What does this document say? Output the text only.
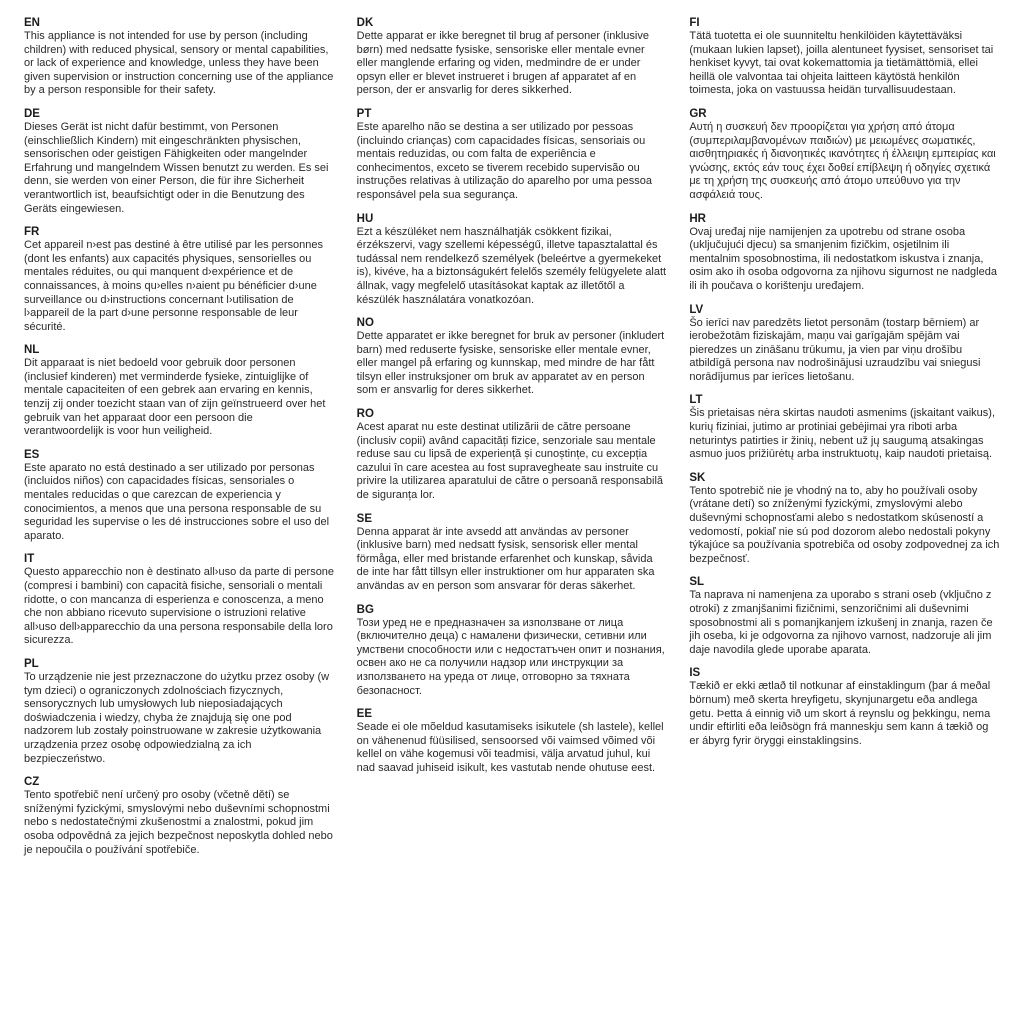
EN
This appliance is not intended for use by person (including children) with reduced physical, sensory or mental capabilities, or lack of experience and knowledge, unless they have been given supervision or instruction concerning use of the appliance by a person responsible for their safety.
DE
Dieses Gerät ist nicht dafür bestimmt, von Personen (einschließlich Kindern) mit eingeschränkten physischen, sensorischen oder geistigen Fähigkeiten oder mangelnder Erfahrung und mangelndem Wissen benutzt zu werden. Es sei denn, sie werden von einer Person, die für ihre Sicherheit verantwortlich ist, beaufsichtigt oder in die Benutzung des Geräts eingewiesen.
FR
Cet appareil n›est pas destiné à être utilisé par les personnes (dont les enfants) aux capacités physiques, sensorielles ou mentales réduites, ou qui manquent d›expérience et de connaissances, à moins qu›elles n›aient pu bénéficier d›une surveillance ou d›instructions concernant l›utilisation de l›appareil de la part d›une personne responsable de leur sécurité.
NL
Dit apparaat is niet bedoeld voor gebruik door personen (inclusief kinderen) met verminderde fysieke, zintuiglijke of mentale capaciteiten of een gebrek aan ervaring en kennis, tenzij zij onder toezicht staan van of zijn geïnstrueerd over het gebruik van het apparaat door een persoon die verantwoordelijk is voor hun veiligheid.
ES
Este aparato no está destinado a ser utilizado por personas (incluidos niños) con capacidades físicas, sensoriales o mentales reducidas o que carezcan de experiencia y conocimientos, a menos que una persona responsable de su seguridad les supervise o les dé instrucciones sobre el uso del aparato.
IT
Questo apparecchio non è destinato all›uso da parte di persone (compresi i bambini) con capacità fisiche, sensoriali o mentali ridotte, o con mancanza di esperienza e conoscenza, a meno che non abbiano ricevuto supervisione o istruzioni relative all›uso dell›apparecchio da una persona responsabile della loro sicurezza.
PL
To urządzenie nie jest przeznaczone do użytku przez osoby (w tym dzieci) o ograniczonych zdolnościach fizycznych, sensorycznych lub umysłowych lub nieposiadających doświadczenia i wiedzy, chyba że znajdują się one pod nadzorem lub zostały poinstruowane w zakresie użytkowania urządzenia przez osobę odpowiedzialną za ich bezpieczeństwo.
CZ
Tento spotřebič není určený pro osoby (včetně dětí) se sníženými fyzickými, smyslovými nebo duševními schopnostmi nebo s nedostatečnými zkušenostmi a znalostmi, pokud jim osoba odpovědná za jejich bezpečnost neposkytla dohled nebo je nepoučila o používání spotřebiče.
DK
Dette apparat er ikke beregnet til brug af personer (inklusive børn) med nedsatte fysiske, sensoriske eller mentale evner eller manglende erfaring og viden, medmindre de er under opsyn eller er blevet instrueret i brugen af apparatet af en person, der er ansvarlig for deres sikkerhed.
PT
Este aparelho não se destina a ser utilizado por pessoas (incluindo crianças) com capacidades físicas, sensoriais ou mentais reduzidas, ou com falta de experiência e conhecimentos, exceto se tiverem recebido supervisão ou instruções relativas à utilização do aparelho por uma pessoa responsável pela sua segurança.
HU
Ezt a készüléket nem használhatják csökkent fizikai, érzékszervi, vagy szellemi képességű, illetve tapasztalattal és tudással nem rendelkező személyek (beleértve a gyermekeket is), kivéve, ha a biztonságukért felelős személy felügyelete alatt állnak, vagy megfelelő utasításokat kaptak az illetőtől a készülék használatára vonatkozóan.
NO
Dette apparatet er ikke beregnet for bruk av personer (inkludert barn) med reduserte fysiske, sensoriske eller mentale evner, eller mangel på erfaring og kunnskap, med mindre de har fått tilsyn eller instruksjoner om bruk av apparatet av en person som er ansvarlig for deres sikkerhet.
RO
Acest aparat nu este destinat utilizării de către persoane (inclusiv copii) având capacități fizice, senzoriale sau mentale reduse sau cu lipsă de experiență și cunoștințe, cu excepția cazului în care acestea au fost supravegheate sau instruite cu privire la utilizarea aparatului de către o persoană responsabilă de siguranța lor.
SE
Denna apparat är inte avsedd att användas av personer (inklusive barn) med nedsatt fysisk, sensorisk eller mental förmåga, eller med bristande erfarenhet och kunskap, såvida de inte har fått tillsyn eller instruktioner om hur apparaten ska användas av en person som ansvarar för deras säkerhet.
BG
Този уред не е предназначен за използване от лица (включително деца) с намалени физически, сетивни или умствени способности или с недостатъчен опит и познания, освен ако не са получили надзор или инструкции за използването на уреда от лице, отговорно за тяхната безопасност.
EE
Seade ei ole mõeldud kasutamiseks isikutele (sh lastele), kellel on vähenenud füüsilised, sensoorsed või vaimsed võimed või kellel on vähe kogemusi või teadmisi, välja arvatud juhul, kui nad saavad juhiseid isikult, kes vastutab nende ohutuse eest.
FI
Tätä tuotetta ei ole suunniteltu henkilöiden käytettäväksi (mukaan lukien lapset), joilla alentuneet fyysiset, sensoriset tai henkiset kyvyt, tai ovat kokemattomia ja tietämättömiä, ellei heillä ole valvontaa tai ohjeita laitteen käytöstä henkilön toimesta, joka on vastuussa heidän turvallisuudestaan.
GR
Αυτή η συσκευή δεν προορίζεται για χρήση από άτομα (συμπεριλαμβανομένων παιδιών) με μειωμένες σωματικές, αισθητηριακές ή διανοητικές ικανότητες ή έλλειψη εμπειρίας και γνώσης, εκτός εάν τους έχει δοθεί επίβλεψη ή οδηγίες σχετικά με τη χρήση της συσκευής από άτομο υπεύθυνο για την ασφάλειά τους.
HR
Ovaj uređaj nije namijenjen za upotrebu od strane osoba (uključujući djecu) sa smanjenim fizičkim, osjetilnim ili mentalnim sposobnostima, ili nedostatkom iskustva i znanja, osim ako ih osoba odgovorna za njihovu sigurnost ne nadgleda ili ih poučava o korištenju uređajem.
LV
Šo ierīci nav paredzēts lietot personām (tostarp bērniem) ar ierobežotām fiziskajām, maņu vai garīgajām spējām vai pieredzes un zināšanu trūkumu, ja vien par viņu drošību atbildīgā persona nav nodrošinājusi uzraudzību vai sniegusi norādījumus par ierīces lietošanu.
LT
Šis prietaisas nėra skirtas naudoti asmenims (įskaitant vaikus), kurių fiziniai, jutimo ar protiniai gebėjimai yra riboti arba neturintys patirties ir žinių, nebent už jų saugumą atsakingas asmuo juos prižiūrėtų arba instruktuotų, kaip naudoti prietaisą.
SK
Tento spotrebič nie je vhodný na to, aby ho používali osoby (vrátane detí) so zníženými fyzickými, zmyslovými alebo duševnými schopnosťami alebo s nedostatkom skúseností a vedomostí, pokiaľ nie sú pod dozorom alebo nedostali pokyny týkajúce sa používania spotrebiča od osoby zodpovednej za ich bezpečnosť.
SL
Ta naprava ni namenjena za uporabo s strani oseb (vključno z otroki) z zmanjšanimi fizičnimi, senzoričnimi ali duševnimi sposobnostmi ali s pomanjkanjem izkušenj in znanja, razen če jih oseba, ki je odgovorna za njihovo varnost, nadzoruje ali jim daje navodila glede uporabe aparata.
IS
Tækið er ekki ætlað til notkunar af einstaklingum (þar á meðal börnum) með skerta hreyfigetu, skynjunargetu eða andlega getu. Þetta á einnig við um skort á reynslu og þekkingu, nema undir eftirliti eða leiðsögn frá manneskju sem kann á tækið og er ábyrg fyrir öryggi einstaklingsins.
